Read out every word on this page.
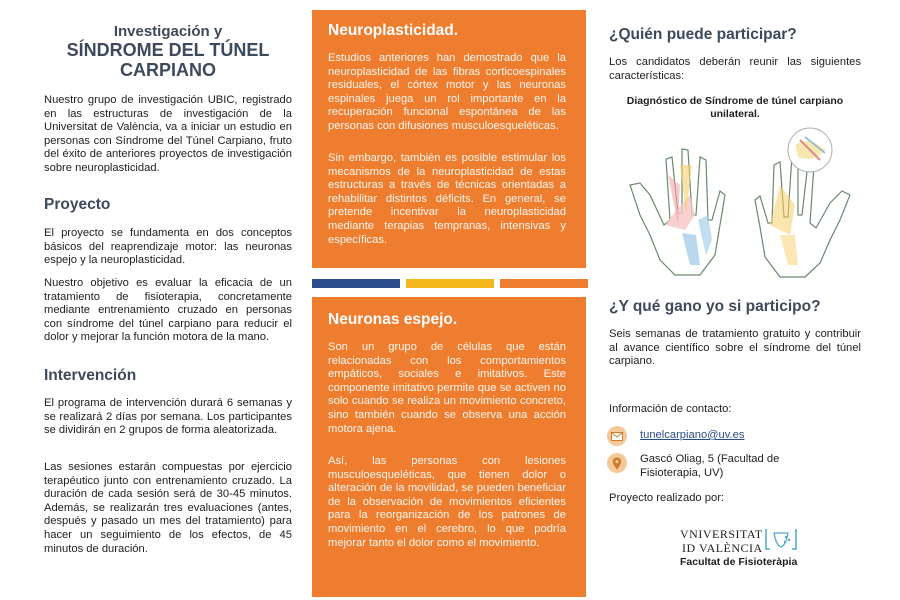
Investigación y
SÍNDROME DEL TÚNEL CARPIANO

Nuestro grupo de investigación UBIC, registrado en las estructuras de investigación de la Universitat de València, va a iniciar un estudio en personas con Síndrome del Túnel Carpiano, fruto del éxito de anteriores proyectos de investigación sobre neuroplasticidad.

Proyecto

El proyecto se fundamenta en dos conceptos básicos del reaprendizaje motor: las neuronas espejo y la neuroplasticidad.

Nuestro objetivo es evaluar la eficacia de un tratamiento de fisioterapia, concretamente mediante entrenamiento cruzado en personas con síndrome del túnel carpiano para reducir el dolor y mejorar la función motora de la mano.

Intervención

El programa de intervención durará 6 semanas y se realizará 2 días por semana. Los participantes se dividirán en 2 grupos de forma aleatorizada.

Las sesiones estarán compuestas por ejercicio terapéutico junto con entrenamiento cruzado. La duración de cada sesión será de 30-45 minutos. Además, se realizarán tres evaluaciones (antes, después y pasado un mes del tratamiento) para hacer un seguimiento de los efectos, de 45 minutos de duración.

Neuroplasticidad.

Estudios anteriores han demostrado que la neuroplasticidad de las fibras corticoespinales residuales, el córtex motor y las neuronas espinales juega un rol importante en la recuperación funcional espontánea de las personas con difusiones musculoesqueléticas.

Sin embargo, también es posible estimular los mecanismos de la neuroplasticidad de estas estructuras a través de técnicas orientadas a rehabilitar distintos déficits. En general, se pretende incentivar la neuroplasticidad mediante terapias tempranas, intensivas y específicas.

Neuronas espejo.

Son un grupo de células que están relacionadas con los comportamientos empáticos, sociales e imitativos. Este componente imitativo permite que se activen no solo cuando se realiza un movimiento concreto, sino también cuando se observa una acción motora ajena.

Así, las personas con lesiones musculoesqueléticas, que tienen dolor o alteración de la movilidad, se pueden beneficiar de la observación de movimientos eficientes para la reorganización de los patrones de movimiento en el cerebro, lo que podría mejorar tanto el dolor como el movimiento.

¿Quién puede participar?

Los candidatos deberán reunir las siguientes características:

Diagnóstico de Síndrome de túnel carpiano unilateral.

¿Y qué gano yo si participo?

Seis semanas de tratamiento gratuito y contribuir al avance científico sobre el síndrome del túnel carpiano.

Información de contacto:

tunelcarpiano@uv.es

Gascó Oliag, 5 (Facultad de Fisioterapia, UV)

Proyecto realizado por:

VNIVERSITAT
ID VALÈNCIA
Facultat de Fisioteràpia
